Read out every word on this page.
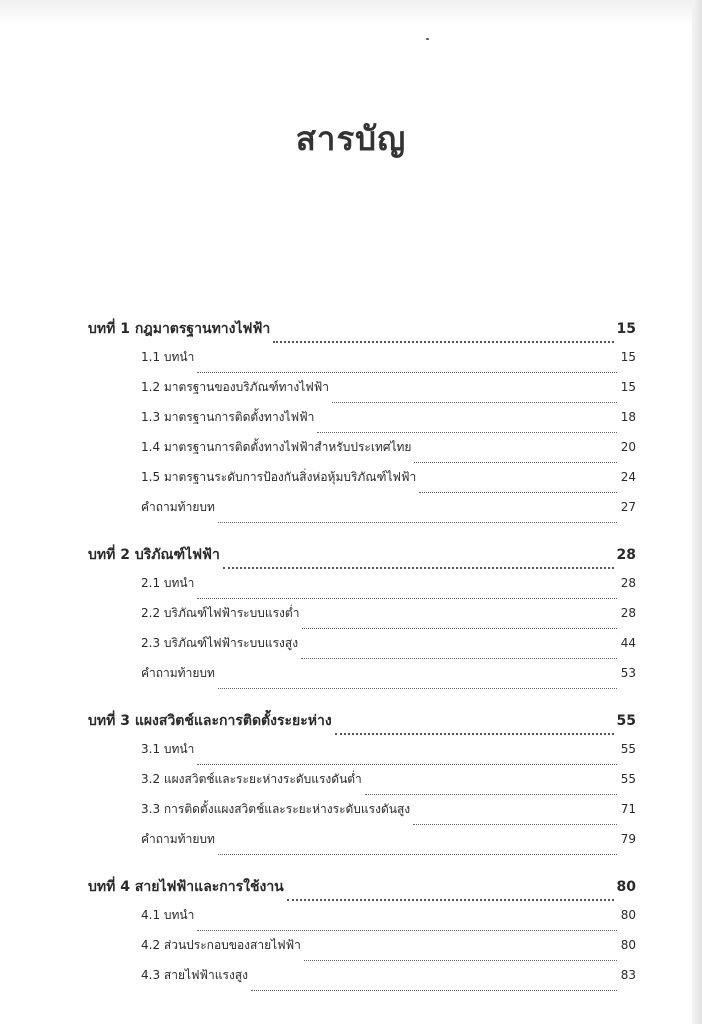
สารบัญ
บทที่ 1 กฎมาตรฐานทางไฟฟ้า	15
1.1 บทนำ	15
1.2 มาตรฐานของบริภัณฑ์ทางไฟฟ้า	15
1.3 มาตรฐานการติดตั้งทางไฟฟ้า	18
1.4 มาตรฐานการติดตั้งทางไฟฟ้าสำหรับประเทศไทย	20
1.5 มาตรฐานระดับการป้องกันสิ่งห่อหุ้มบริภัณฑ์ไฟฟ้า	24
คำถามท้ายบท	27
บทที่ 2 บริภัณฑ์ไฟฟ้า	28
2.1 บทนำ	28
2.2 บริภัณฑ์ไฟฟ้าระบบแรงต่ำ	28
2.3 บริภัณฑ์ไฟฟ้าระบบแรงสูง	44
คำถามท้ายบท	53
บทที่ 3 แผงสวิตช์และการติดตั้งระยะห่าง	55
3.1 บทนำ	55
3.2 แผงสวิตช์และระยะห่างระดับแรงดันต่ำ	55
3.3 การติดตั้งแผงสวิตช์และระยะห่างระดับแรงดันสูง	71
คำถามท้ายบท	79
บทที่ 4 สายไฟฟ้าและการใช้งาน	80
4.1 บทนำ	80
4.2 ส่วนประกอบของสายไฟฟ้า	80
4.3 สายไฟฟ้าแรงสูง	83
